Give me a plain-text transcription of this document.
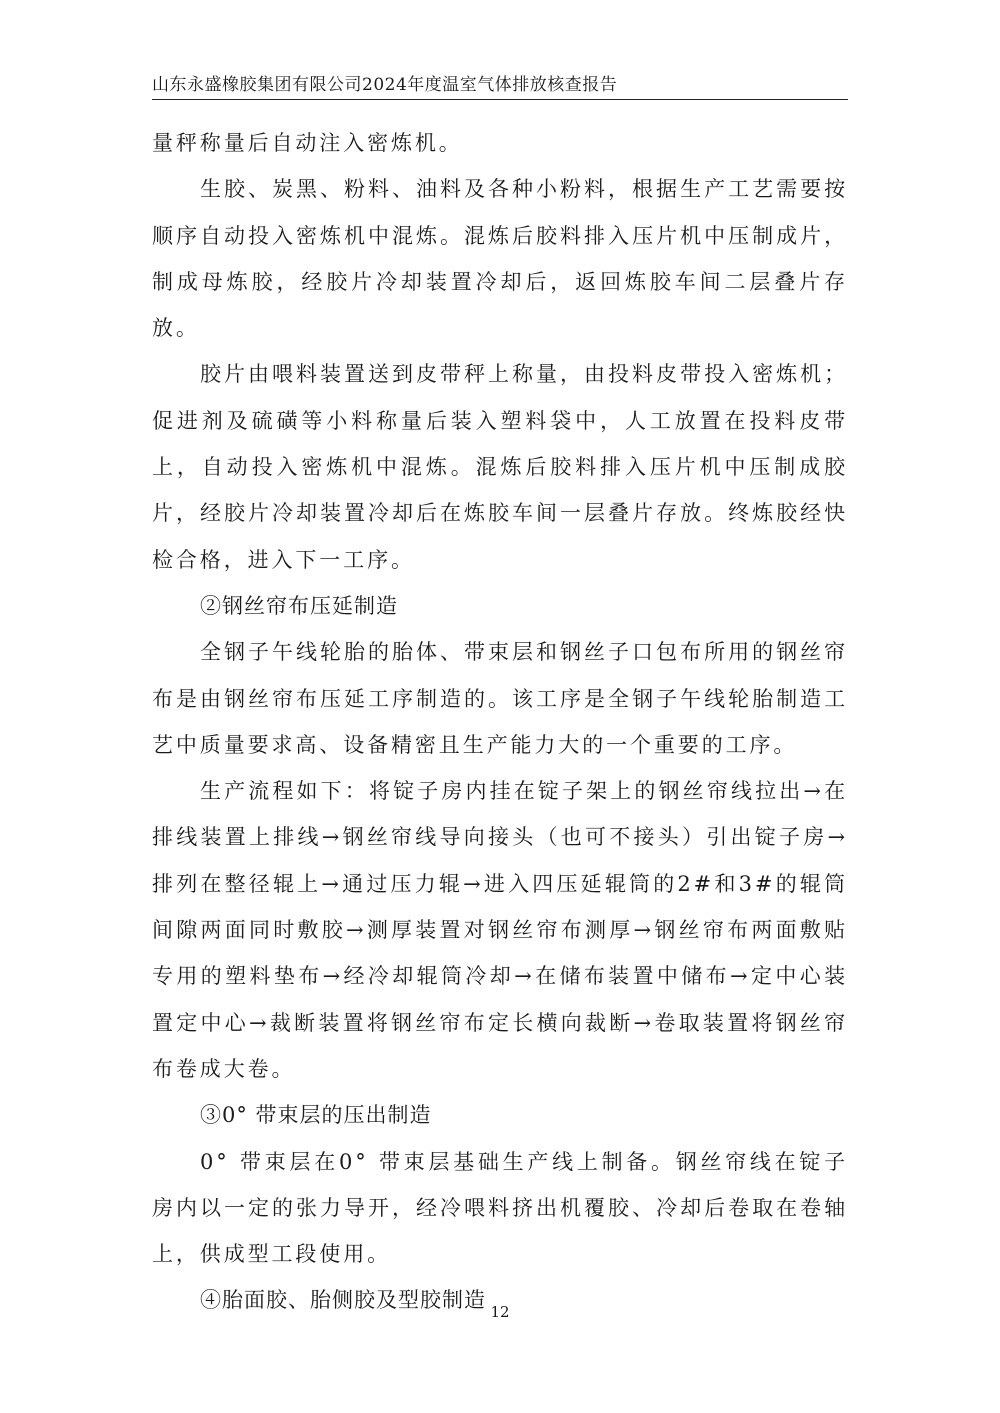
山东永盛橡胶集团有限公司2024年度温室气体排放核查报告

量秤称量后自动注入密炼机。

生胶、炭黑、粉料、油料及各种小粉料，根据生产工艺需要按顺序自动投入密炼机中混炼。混炼后胶料排入压片机中压制成片，制成母炼胶，经胶片冷却装置冷却后，返回炼胶车间二层叠片存放。

胶片由喂料装置送到皮带秤上称量，由投料皮带投入密炼机；促进剂及硫磺等小料称量后装入塑料袋中，人工放置在投料皮带上，自动投入密炼机中混炼。混炼后胶料排入压片机中压制成胶片，经胶片冷却装置冷却后在炼胶车间一层叠片存放。终炼胶经快检合格，进入下一工序。

②钢丝帘布压延制造

全钢子午线轮胎的胎体、带束层和钢丝子口包布所用的钢丝帘布是由钢丝帘布压延工序制造的。该工序是全钢子午线轮胎制造工艺中质量要求高、设备精密且生产能力大的一个重要的工序。

生产流程如下：将锭子房内挂在锭子架上的钢丝帘线拉出→在排线装置上排线→钢丝帘线导向接头（也可不接头）引出锭子房→排列在整径辊上→通过压力辊→进入四压延辊筒的2#和3#的辊筒间隙两面同时敷胶→测厚装置对钢丝帘布测厚→钢丝帘布两面敷贴专用的塑料垫布→经冷却辊筒冷却→在储布装置中储布→定中心装置定中心→裁断装置将钢丝帘布定长横向裁断→卷取装置将钢丝帘布卷成大卷。

③0° 带束层的压出制造

0° 带束层在0° 带束层基础生产线上制备。钢丝帘线在锭子房内以一定的张力导开，经冷喂料挤出机覆胶、冷却后卷取在卷轴上，供成型工段使用。

④胎面胶、胎侧胶及型胶制造 12
